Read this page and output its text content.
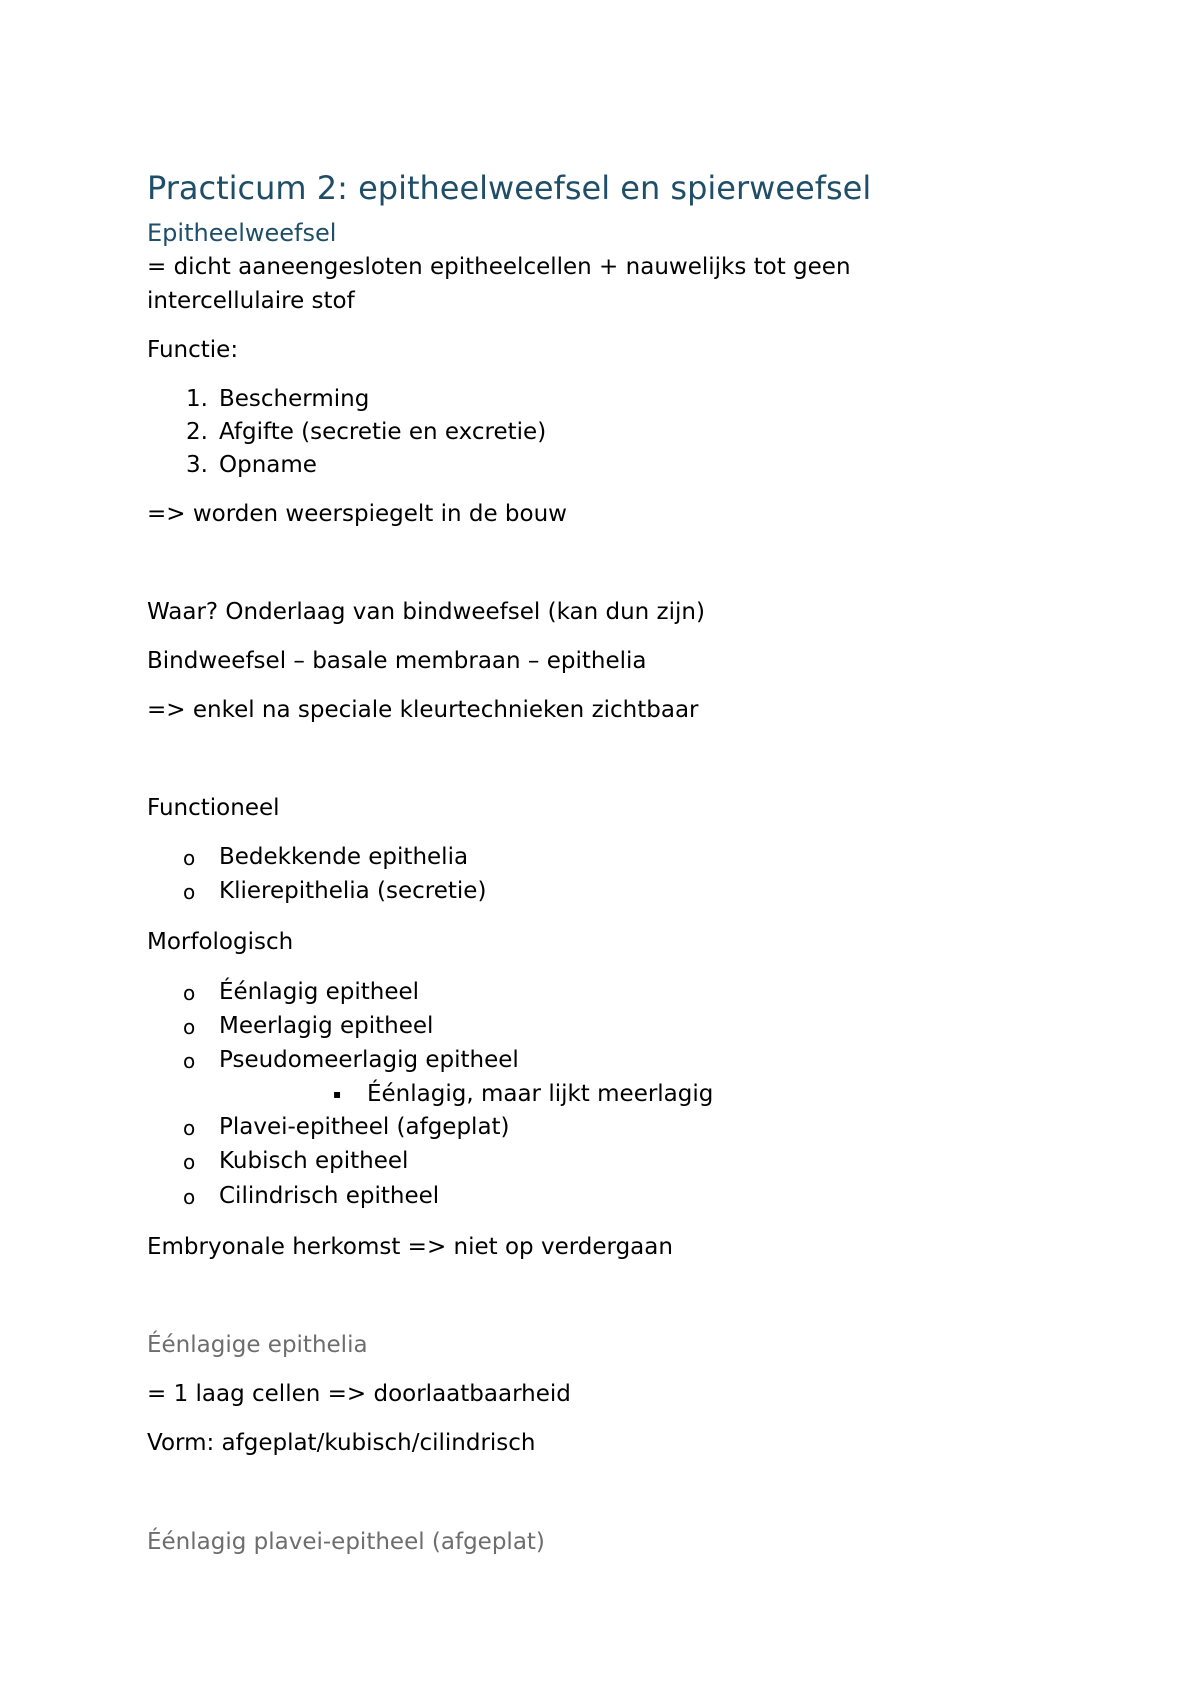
Practicum 2: epitheelweefsel en spierweefsel
Epitheelweefsel
= dicht aaneengesloten epitheelcellen + nauwelijks tot geen
intercellulaire stof
Functie:
1. Bescherming
2. Afgifte (secretie en excretie)
3. Opname
=> worden weerspiegelt in de bouw
Waar? Onderlaag van bindweefsel (kan dun zijn)
Bindweefsel – basale membraan – epithelia
=> enkel na speciale kleurtechnieken zichtbaar
Functioneel
o Bedekkende epithelia
o Klierepithelia (secretie)
Morfologisch
o Éénlagig epitheel
o Meerlagig epitheel
o Pseudomeerlagig epitheel
▪ Éénlagig, maar lijkt meerlagig
o Plavei-epitheel (afgeplat)
o Kubisch epitheel
o Cilindrisch epitheel
Embryonale herkomst => niet op verdergaan
Éénlagige epithelia
= 1 laag cellen => doorlaatbaarheid
Vorm: afgeplat/kubisch/cilindrisch
Éénlagig plavei-epitheel (afgeplat)
